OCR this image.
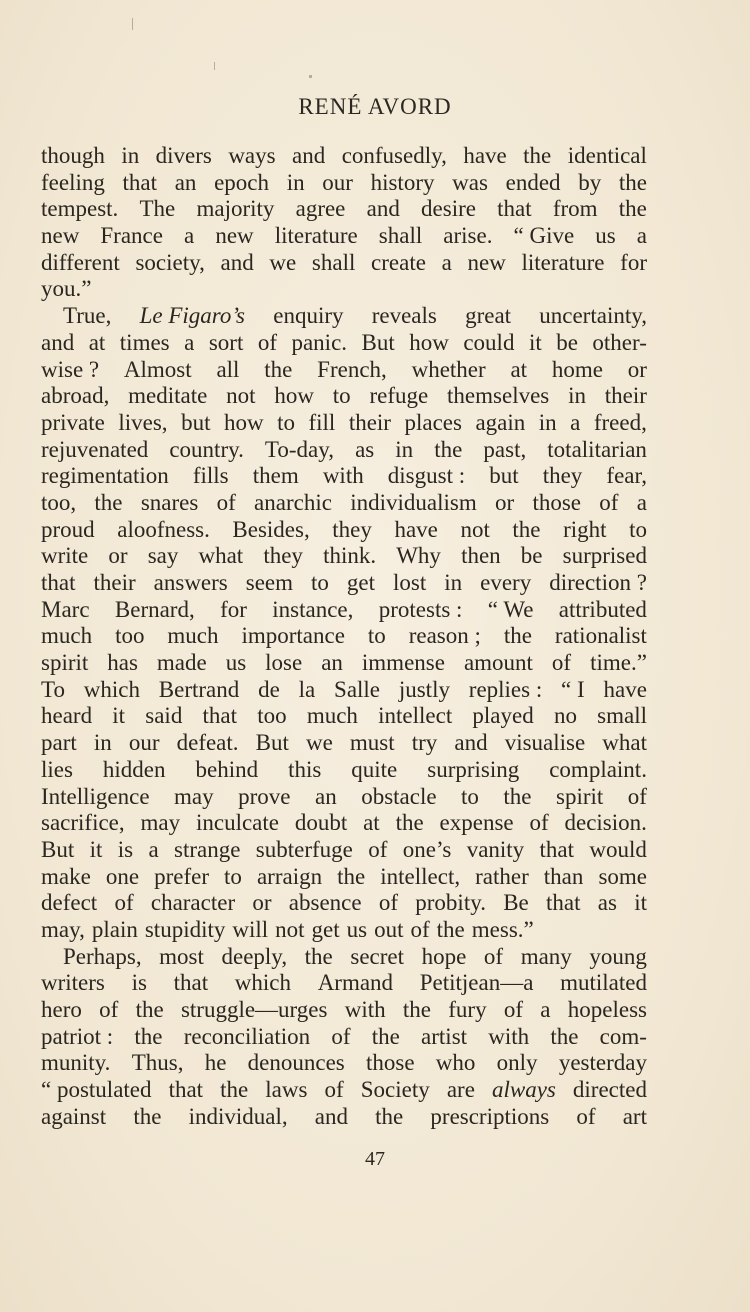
RENÉ AVORD
though in divers ways and confusedly, have the identical
feeling that an epoch in our history was ended by the
tempest. The majority agree and desire that from the
new France a new literature shall arise. “ Give us a
different society, and we shall create a new literature for
you.”
True, Le Figaro’s enquiry reveals great uncertainty,
and at times a sort of panic. But how could it be other-
wise ? Almost all the French, whether at home or
abroad, meditate not how to refuge themselves in their
private lives, but how to fill their places again in a freed,
rejuvenated country. To-day, as in the past, totalitarian
regimentation fills them with disgust : but they fear,
too, the snares of anarchic individualism or those of a
proud aloofness. Besides, they have not the right to
write or say what they think. Why then be surprised
that their answers seem to get lost in every direction ?
Marc Bernard, for instance, protests : “ We attributed
much too much importance to reason ; the rationalist
spirit has made us lose an immense amount of time.”
To which Bertrand de la Salle justly replies : “ I have
heard it said that too much intellect played no small
part in our defeat. But we must try and visualise what
lies hidden behind this quite surprising complaint.
Intelligence may prove an obstacle to the spirit of
sacrifice, may inculcate doubt at the expense of decision.
But it is a strange subterfuge of one’s vanity that would
make one prefer to arraign the intellect, rather than some
defect of character or absence of probity. Be that as it
may, plain stupidity will not get us out of the mess.”
Perhaps, most deeply, the secret hope of many young
writers is that which Armand Petitjean—a mutilated
hero of the struggle—urges with the fury of a hopeless
patriot : the reconciliation of the artist with the com-
munity. Thus, he denounces those who only yesterday
“ postulated that the laws of Society are always directed
against the individual, and the prescriptions of art
47
